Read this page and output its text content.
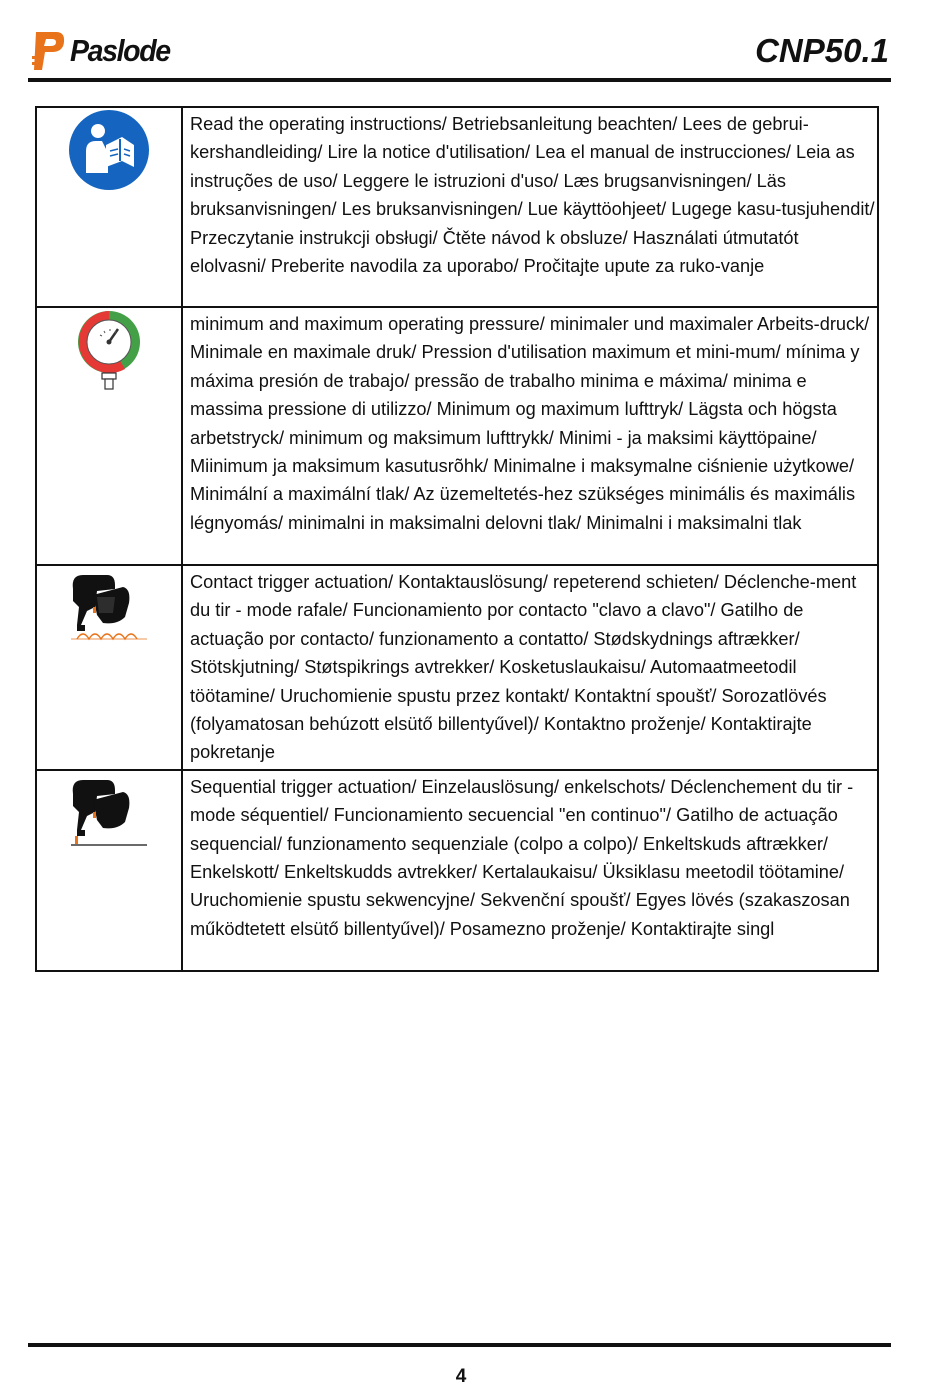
Paslode	CNP50.1
	Read the operating instructions/ Betriebsanleitung beachten/ Lees de gebrui-kershandleiding/ Lire la notice d'utilisation/ Lea el manual de instrucciones/ Leia as instruções de uso/ Leggere le istruzioni d'uso/ Læs brugsanvisningen/ Läs bruksanvisningen/ Les bruksanvisningen/ Lue käyttöohjeet/ Lugege kasu-tusjuhendit/ Przeczytanie instrukcji obsługi/ Čtěte návod k obsluze/ Használati útmutatót elolvasni/ Preberite navodila za uporabo/ Pročitajte upute za ruko-vanje

	minimum and maximum operating pressure/ minimaler und maximaler Arbeits-druck/ Minimale en maximale druk/ Pression d'utilisation maximum et mini-mum/ mínima y máxima presión de trabajo/ pressão de trabalho minima e máxima/ minima e massima pressione di utilizzo/ Minimum og maximum lufttryk/ Lägsta och högsta arbetstryck/ minimum og maksimum lufttrykk/ Minimi - ja maksimi käyttöpaine/ Miinimum ja maksimum kasutusrõhk/ Minimalne i maksymalne ciśnienie użytkowe/ Minimální a maximální tlak/ Az üzemeltetés-hez szükséges minimális és maximális légnyomás/ minimalni in maksimalni delovni tlak/ Minimalni i maksimalni tlak

	Contact trigger actuation/ Kontaktauslösung/ repeterend schieten/ Déclenche-ment du tir - mode rafale/ Funcionamiento por contacto "clavo a clavo"/ Gatilho de actuação por contacto/ funzionamento a contatto/ Stødskydnings aftrækker/ Stötskjutning/ Støtspikrings avtrekker/ Kosketuslaukaisu/ Automaatmeetodil töötamine/ Uruchomienie spustu przez kontakt/ Kontaktní spoušť/ Sorozatlövés (folyamatosan behúzott elsütő billentyűvel)/ Kontaktno proženje/ Kontaktirajte pokretanje

	Sequential trigger actuation/ Einzelauslösung/ enkelschots/ Déclenchement du tir - mode séquentiel/ Funcionamiento secuencial "en continuo"/ Gatilho de actuação sequencial/ funzionamento sequenziale (colpo a colpo)/ Enkeltskuds aftrækker/ Enkelskott/ Enkeltskudds avtrekker/ Kertalaukaisu/ Üksiklasu meetodil töötamine/ Uruchomienie spustu sekwencyjne/ Sekvenční spoušť/ Egyes lövés (szakaszosan működtetett elsütő billentyűvel)/ Posamezno proženje/ Kontaktirajte singl
4
